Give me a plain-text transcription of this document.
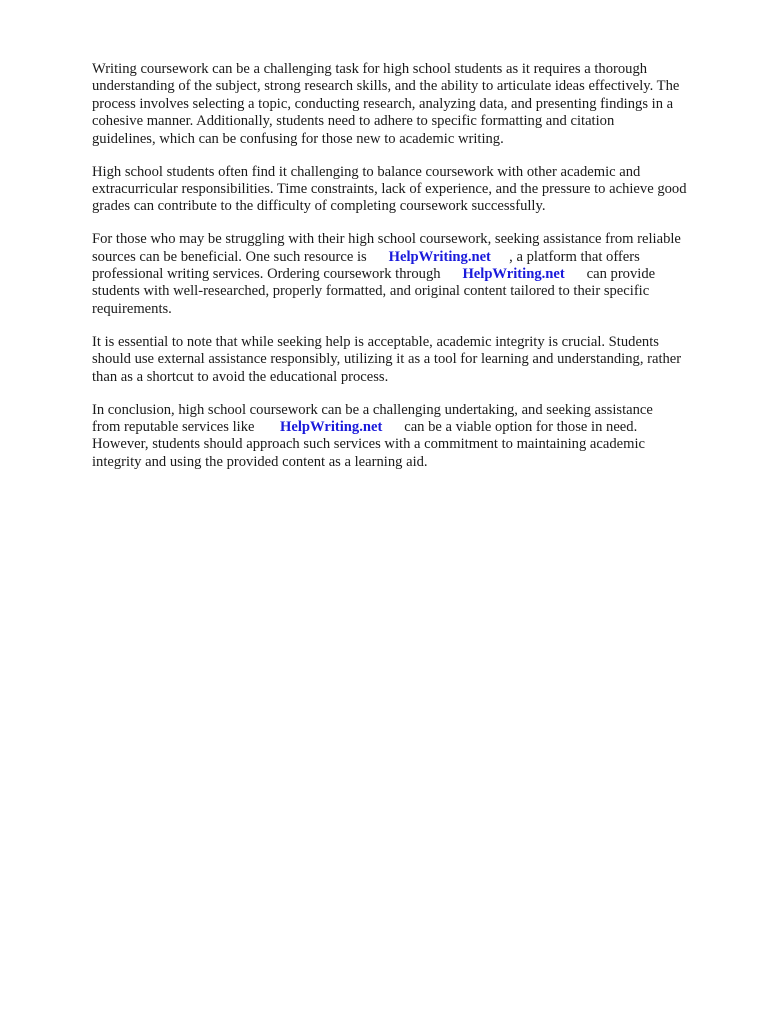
Writing coursework can be a challenging task for high school students as it requires a thorough
understanding of the subject, strong research skills, and the ability to articulate ideas effectively. The
process involves selecting a topic, conducting research, analyzing data, and presenting findings in a
cohesive manner. Additionally, students need to adhere to specific formatting and citation
guidelines, which can be confusing for those new to academic writing.

High school students often find it challenging to balance coursework with other academic and
extracurricular responsibilities. Time constraints, lack of experience, and the pressure to achieve good
grades can contribute to the difficulty of completing coursework successfully.

For those who may be struggling with their high school coursework, seeking assistance from reliable
sources can be beneficial. One such resource is      HelpWriting.net     , a platform that offers
professional writing services. Ordering coursework through      HelpWriting.net      can provide
students with well-researched, properly formatted, and original content tailored to their specific
requirements.

It is essential to note that while seeking help is acceptable, academic integrity is crucial. Students
should use external assistance responsibly, utilizing it as a tool for learning and understanding, rather
than as a shortcut to avoid the educational process.

In conclusion, high school coursework can be a challenging undertaking, and seeking assistance
from reputable services like       HelpWriting.net      can be a viable option for those in need.
However, students should approach such services with a commitment to maintaining academic
integrity and using the provided content as a learning aid.
